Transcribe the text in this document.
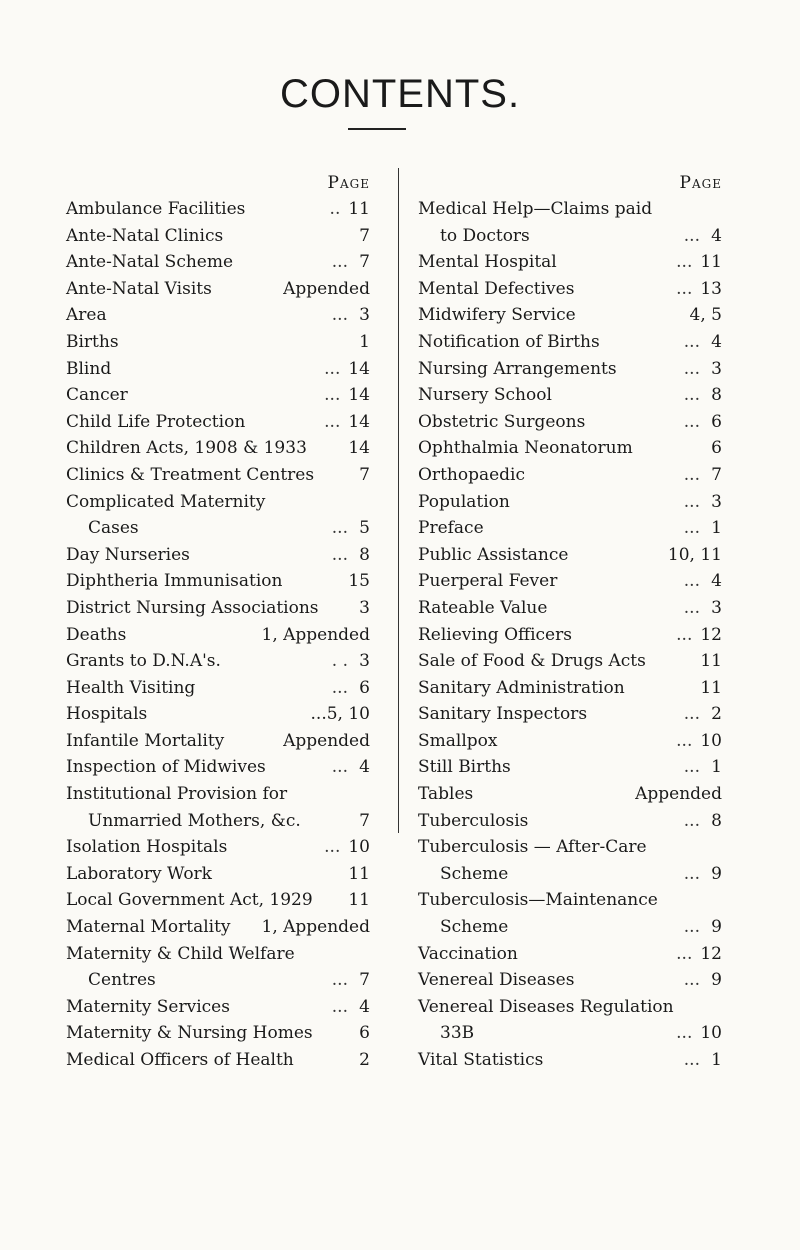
CONTENTS.
Page
Ambulance Facilities	.. 11
Ante-Natal Clinics	7
Ante-Natal Scheme	... 7
Ante-Natal Visits	Appended
Area	... 3
Births	1
Blind	... 14
Cancer	... 14
Child Life Protection	... 14
Children Acts, 1908 & 1933 14
Clinics & Treatment Centres	7
Complicated Maternity
Cases	... 5
Day Nurseries	... 8
Diphtheria Immunisation	15
District Nursing Associations 3
Deaths	1, Appended
Grants to D.N.A's.	. . 3
Health Visiting	... 6
Hospitals	...5, 10
Infantile Mortality	Appended
Inspection of Midwives	... 4
Institutional Provision for
Unmarried Mothers, &c.	7
Isolation Hospitals	... 10
Laboratory Work	11
Local Government Act, 1929 11
Maternal Mortality 1, Appended
Maternity & Child Welfare
Centres	... 7
Maternity Services	... 4
Maternity & Nursing Homes	6
Medical Officers of Health	2
Page
Medical Help—Claims paid
to Doctors	... 4
Mental Hospital	... 11
Mental Defectives	... 13
Midwifery Service	4, 5
Notification of Births	... 4
Nursing Arrangements	... 3
Nursery School	... 8
Obstetric Surgeons	... 6
Ophthalmia Neonatorum	6
Orthopaedic	... 7
Population	... 3
Preface	... 1
Public Assistance	10, 11
Puerperal Fever	... 4
Rateable Value	... 3
Relieving Officers	... 12
Sale of Food & Drugs Acts	11
Sanitary Administration	11
Sanitary Inspectors	... 2
Smallpox	... 10
Still Births	... 1
Tables	Appended
Tuberculosis	... 8
Tuberculosis — After-Care
Scheme	... 9
Tuberculosis—Maintenance
Scheme	... 9
Vaccination	... 12
Venereal Diseases	... 9
Venereal Diseases Regulation
33B	... 10
Vital Statistics	... 1
